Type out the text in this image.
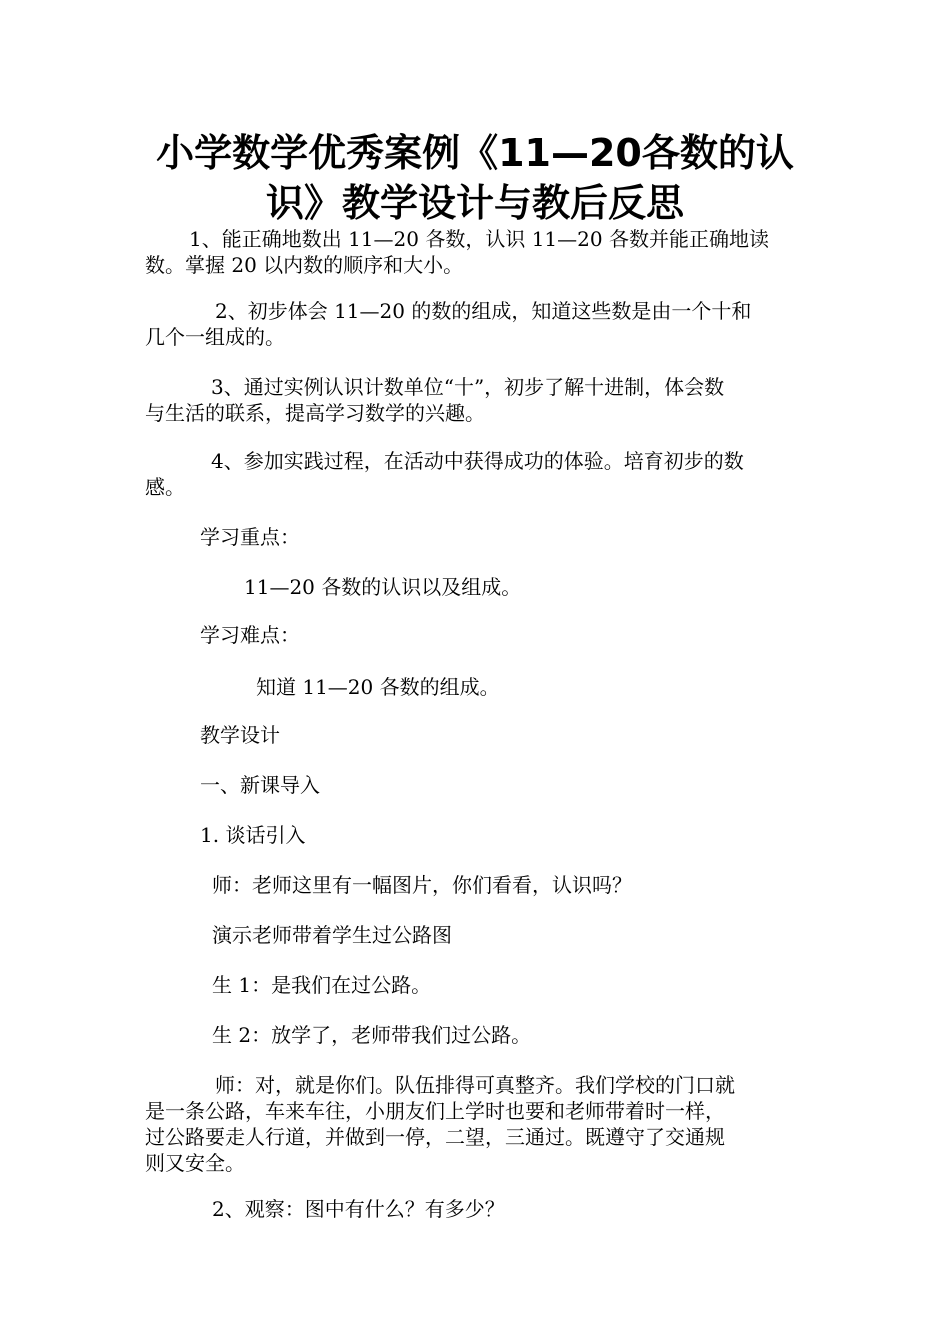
小学数学优秀案例《11—20各数的认
识》教学设计与教后反思
1、能正确地数出 11—20 各数，认识 11—20 各数并能正确地读
数。掌握 20 以内数的顺序和大小。
2、初步体会 11—20 的数的组成，知道这些数是由一个十和
几个一组成的。
3、通过实例认识计数单位“十”，初步了解十进制，体会数
与生活的联系，提高学习数学的兴趣。
4、参加实践过程，在活动中获得成功的体验。培育初步的数
感。

学习重点：

11—20 各数的认识以及组成。

学习难点：

知道 11—20 各数的组成。

教学设计

一、新课导入

1. 谈话引入

师：老师这里有一幅图片，你们看看，认识吗？

演示老师带着学生过公路图

生 1：是我们在过公路。

生 2：放学了，老师带我们过公路。

师：对，就是你们。队伍排得可真整齐。我们学校的门口就
是一条公路，车来车往，小朋友们上学时也要和老师带着时一样，
过公路要走人行道，并做到一停，二望，三通过。既遵守了交通规
则又安全。

2、观察：图中有什么？有多少？
